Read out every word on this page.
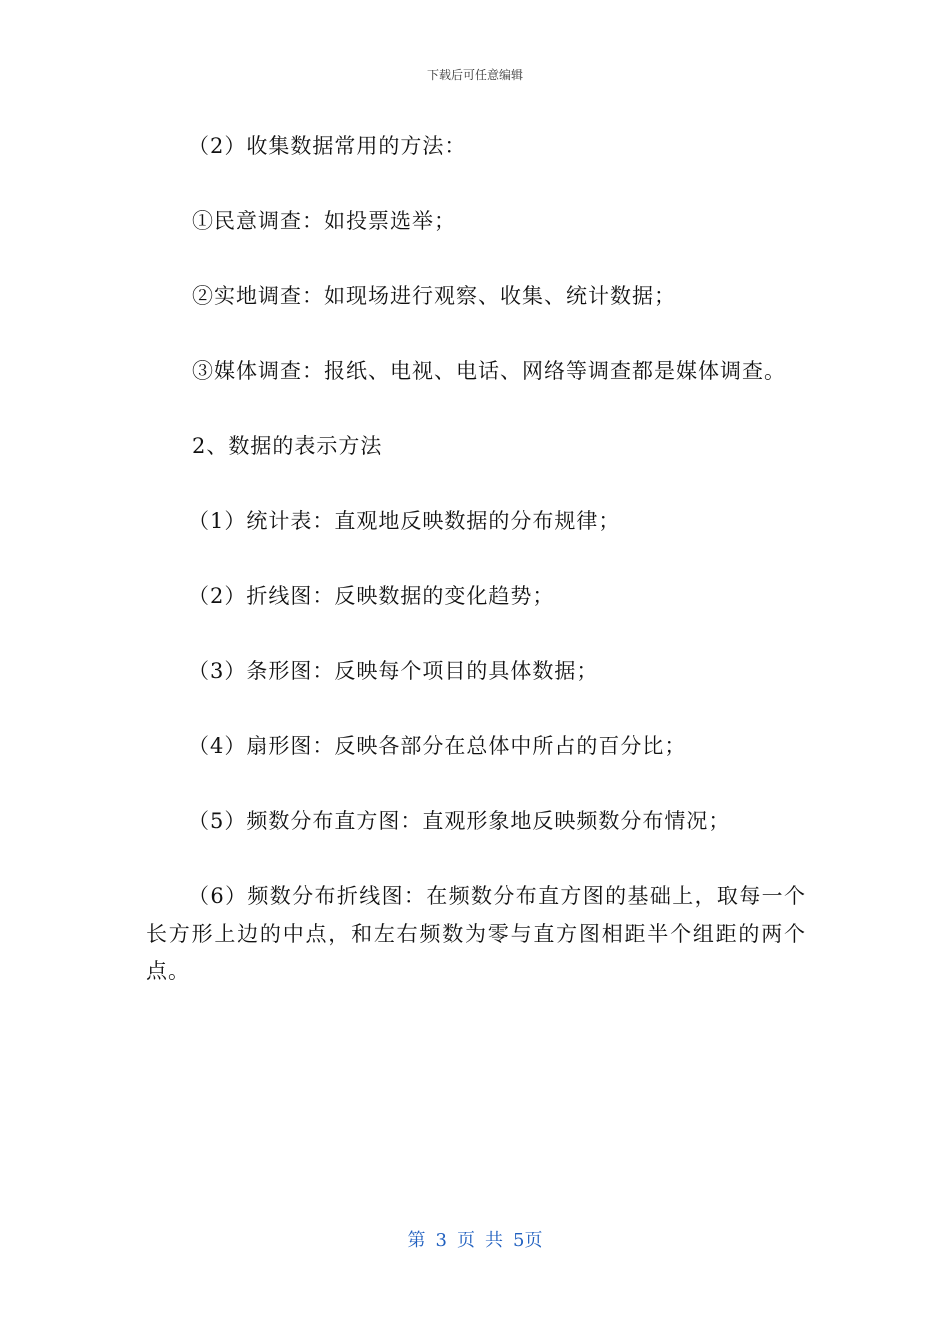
下载后可任意编辑

（2）收集数据常用的方法：

①民意调查：如投票选举；

②实地调查：如现场进行观察、收集、统计数据；

③媒体调查：报纸、电视、电话、网络等调查都是媒体调查。

2、数据的表示方法

（1）统计表：直观地反映数据的分布规律；

（2）折线图：反映数据的变化趋势；

（3）条形图：反映每个项目的具体数据；

（4）扇形图：反映各部分在总体中所占的百分比；

（5）频数分布直方图：直观形象地反映频数分布情况；

（6）频数分布折线图：在频数分布直方图的基础上，取每一个长方形上边的中点，和左右频数为零与直方图相距半个组距的两个点。

第 3 页 共 5页
